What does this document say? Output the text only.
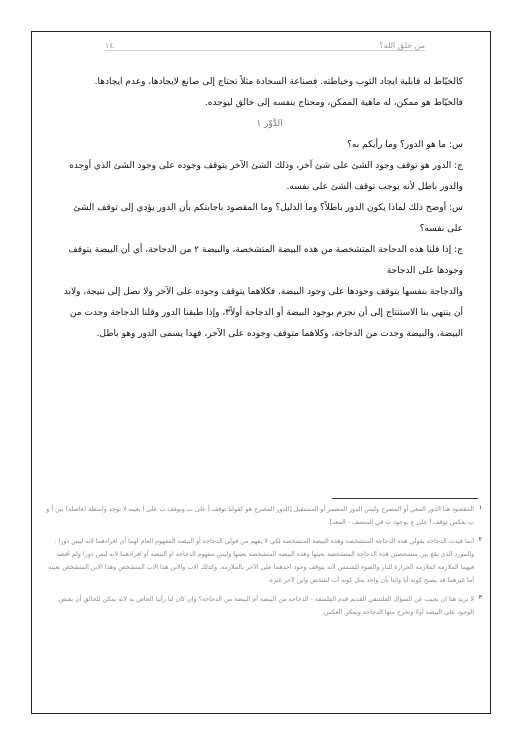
من خلق الله؟
١٤

كالخيّاط له قابلية ايجاد الثوب وخياطته. فصناعة السجادة مثلاً تحتاج إلى صانع لايجادها، وعدم ايجادها.

فالخيّاط هو ممكن، له ماهية الممكن، ومحتاج بنفسه إلى خالق ليوجده.

الدَّوْر ١

س: ما هو الدور؟ وما رأيكم به؟

ج: الدور هو توقف وجود الشئ على شئ آخر، وذلك الشئ الآخر يتوقف وجوده على وجود الشئ الذي أوجده والدور باطل لأنه يوجب توقف الشئ على نفسه.

س: أوضح ذلك لماذا يكون الدور باطلاً؟ وما الدليل؟ وما المقصود باجابتكم بأن الدور يؤدي إلى توقف الشئ على نفسه؟

ج: إذا قلنا هذه الدجاجة المتشخصة من هذه البيضة المتشخصة، والبيضة ٢ من الدجاجة، أي أن البيضة يتوقف وجودها على الدجاجة

والدجاجة بنفسها يتوقف وجودها على وجود البيضة. فكلاهما يتوقف وجوده على الآخر ولا نصل إلى نتيجة، ولابد أن ينتهي بنا الاستنتاج إلى أن نجزم بوجود البيضة أو الدجاجة أولاً٣، وإذا طبقنا الدور وقلنا الدجاجة وجدت من البيضة، والبيضة وجدت من الدجاجة، وكلاهما متوقف وجوده على الآخر، فهذا يسمى الدور وهو باطل.

١
المقصود هنا الدور المعي أو المصرح وليس الدور المضمر أو المستقبل [الدور المصرح هو كقولنا توقف أ على ب وتوقف ب على أ بعينه لا توجد واسطة (فاصلة) بين أ و ب بعكس توقف أ على ج يوجود ب في المتصف - المعد].
٢
انما قيدت الدجاجة بقولي هذه الدجاجة المتشخصة وهذه البيضة المتشخصة لكي لا يفهم من قولي الدجاجة أو البيضة المفهوم العام لهما أي افرادهما لانه ليس دورا . والمورد الذي يقع بين متشخصين هذه الدجاجة المتشخصة بعينها وهذه البيضة المتشخصة بعينها وليس مفهوم الدجاجة او البيضة أو افرادهما لانه ليس دورا ولم أقصد فيهما الملازمة كملازمة الحرارة للنار والضوء للشمس لانه يتوقف وجود احدهما على الآخر بالملازمة. وكذلك الاب والابن هذا الاب المتشخص وهذا الابن المتشخص بعينه أما غيرهما قد يصبح كونه أبا وابنا بأن واحد مثل كونه أب لشخص وابن لآخر غيره.
٣
لا نريد هنا ان نجيب عن السؤال الفلسفي القديم قدم الفلسفة - الدجاجة من البيضة أم البيضة من الدجاجة؟ وان كان لنا رأينا الخاص به لانه يمكن للخالق أن يفيض الوجود على البيضة أولا وتخرج منها الدجاجة ويمكن العكس.
